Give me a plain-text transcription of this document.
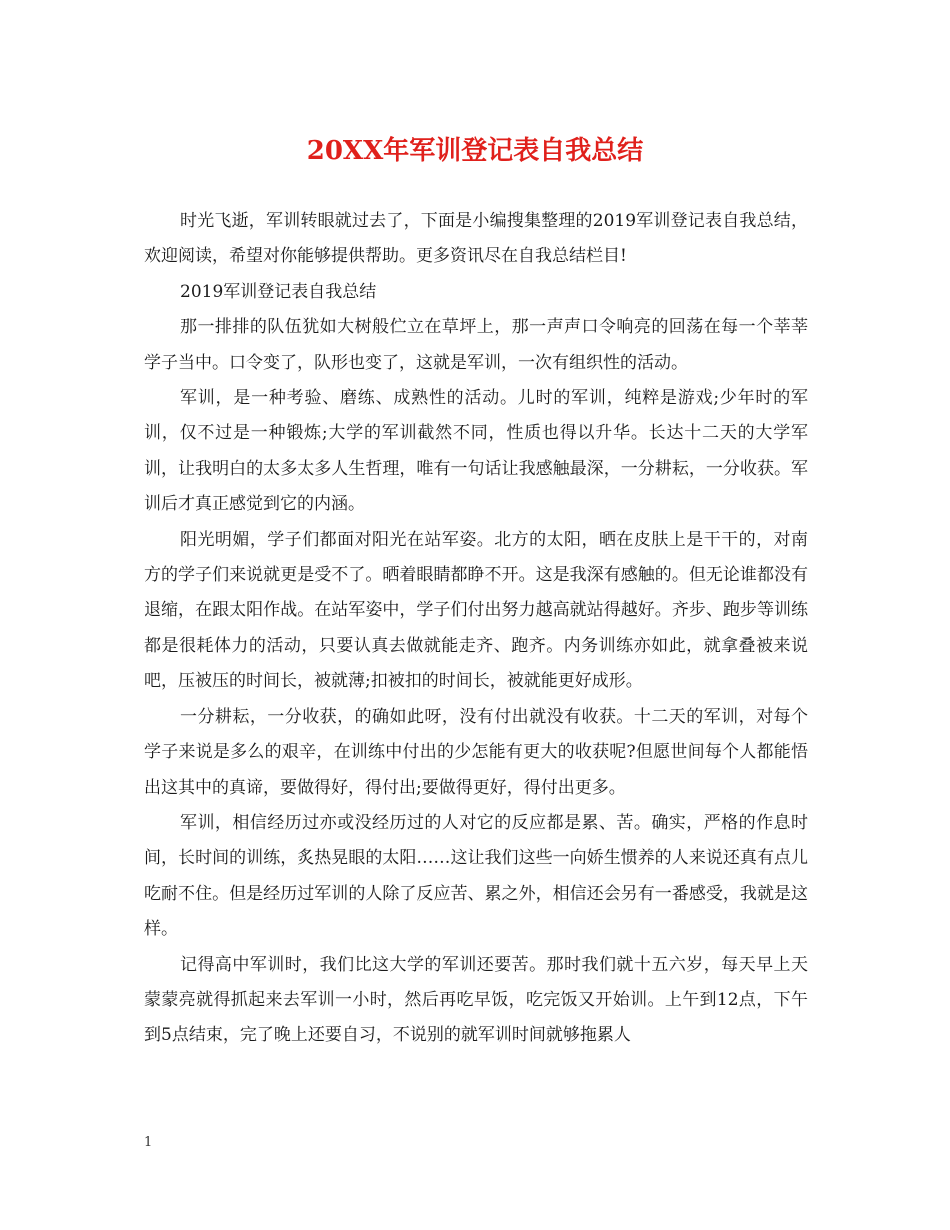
20XX年军训登记表自我总结

时光飞逝，军训转眼就过去了，下面是小编搜集整理的2019军训登记表自我总结，欢迎阅读，希望对你能够提供帮助。更多资讯尽在自我总结栏目!

2019军训登记表自我总结

那一排排的队伍犹如大树般伫立在草坪上，那一声声口令响亮的回荡在每一个莘莘学子当中。口令变了，队形也变了，这就是军训，一次有组织性的活动。

军训，是一种考验、磨练、成熟性的活动。儿时的军训，纯粹是游戏;少年时的军训，仅不过是一种锻炼;大学的军训截然不同，性质也得以升华。长达十二天的大学军训，让我明白的太多太多人生哲理，唯有一句话让我感触最深，一分耕耘，一分收获。军训后才真正感觉到它的内涵。

阳光明媚，学子们都面对阳光在站军姿。北方的太阳，晒在皮肤上是干干的，对南方的学子们来说就更是受不了。晒着眼睛都睁不开。这是我深有感触的。但无论谁都没有退缩，在跟太阳作战。在站军姿中，学子们付出努力越高就站得越好。齐步、跑步等训练都是很耗体力的活动，只要认真去做就能走齐、跑齐。内务训练亦如此，就拿叠被来说吧，压被压的时间长，被就薄;扣被扣的时间长，被就能更好成形。

一分耕耘，一分收获，的确如此呀，没有付出就没有收获。十二天的军训，对每个学子来说是多么的艰辛，在训练中付出的少怎能有更大的收获呢?但愿世间每个人都能悟出这其中的真谛，要做得好，得付出;要做得更好，得付出更多。

军训，相信经历过亦或没经历过的人对它的反应都是累、苦。确实，严格的作息时间，长时间的训练，炙热晃眼的太阳……这让我们这些一向娇生惯养的人来说还真有点儿吃耐不住。但是经历过军训的人除了反应苦、累之外，相信还会另有一番感受，我就是这样。

记得高中军训时，我们比这大学的军训还要苦。那时我们就十五六岁，每天早上天蒙蒙亮就得抓起来去军训一小时，然后再吃早饭，吃完饭又开始训。上午到12点，下午到5点结束，完了晚上还要自习，不说别的就军训时间就够拖累人

1
